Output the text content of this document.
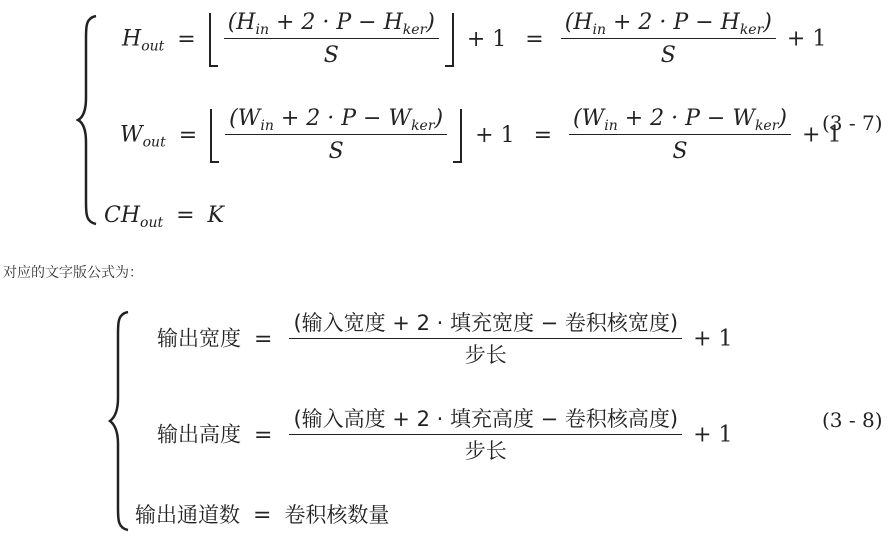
$H_{out} = \frac{(H_{in} + 2 \cdot P - H_{ker})}{S} + 1 = \frac{(H_{in} + 2 \cdot P - H_{ker})}{S} + 1$
$W_{out} = \frac{(W_{in} + 2 \cdot P - W_{ker})}{S} + 1 = \frac{(W_{in} + 2 \cdot P - W_{ker})}{S} + 1$
$CH_{out} = K$
(3 - 7)
对应的文字版公式为：
输出宽度 = $\frac{\text{(输入宽度 + 2 · 填充宽度 − 卷积核宽度)}}{\text{步长}} + 1$
输出高度 = $\frac{\text{(输入高度 + 2 · 填充高度 − 卷积核高度)}}{\text{步长}} + 1$
输出通道数 = 卷积核数量
(3 - 8)
